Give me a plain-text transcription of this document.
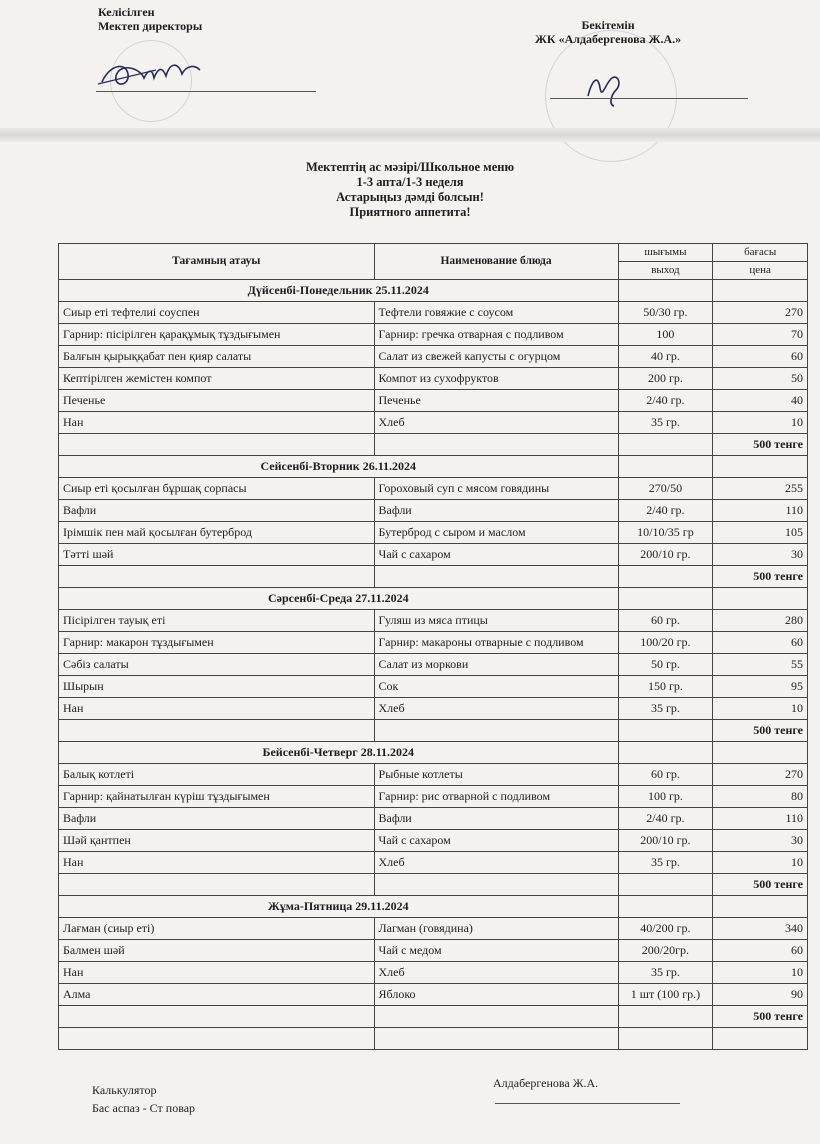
Келісілген
Мектеп директоры	Бекітемін
ЖК «Алдабергенова Ж.А.»
Мектептің ас мәзірі/Школьное меню
1-3 апта/1-3 неделя
Астарыңыз дәмді болсын!
Приятного аппетита!
Тағамның атауы	Наименование блюда	шығымы	бағасы
		выход	цена
Дүйсенбі-Понедельник 25.11.2024			
Сиыр еті тефтелиі соуспен	Тефтели говяжие с соусом	50/30 гр.	270
Гарнир: пісірілген қарақұмық тұздығымен	Гарнир: гречка отварная с подливом	100	70
Балғын қырыққабат пен қияр салаты	Салат из свежей капусты с огурцом	40 гр.	60
Кептірілген жемістен компот	Компот из сухофруктов	200 гр.	50
Печенье	Печенье	2/40 гр.	40
Нан	Хлеб	35 гр.	10
			500 тенге
Сейсенбі-Вторник 26.11.2024			
Сиыр еті қосылған бұршақ сорпасы	Гороховый суп с мясом говядины	270/50	255
Вафли	Вафли	2/40 гр.	110
Ірімшік пен май қосылған бутерброд	Бутерброд с сыром и маслом	10/10/35 гр	105
Тәтті шәй	Чай с сахаром	200/10 гр.	30
			500 тенге
Сәрсенбі-Среда 27.11.2024			
Пісірілген тауық еті	Гуляш из мяса птицы	60 гр.	280
Гарнир: макарон тұздығымен	Гарнир: макароны отварные с подливом	100/20 гр.	60
Сәбіз салаты	Салат из моркови	50 гр.	55
Шырын	Сок	150 гр.	95
Нан	Хлеб	35 гр.	10
			500 тенге
Бейсенбі-Четверг 28.11.2024			
Балық котлеті	Рыбные котлеты	60 гр.	270
Гарнир: қайнатылған күріш тұздығымен	Гарнир: рис отварной с подливом	100 гр.	80
Вафли	Вафли	2/40 гр.	110
Шәй қантпен	Чай с сахаром	200/10 гр.	30
Нан	Хлеб	35 гр.	10
			500 тенге
Жұма-Пятница 29.11.2024			
Лағман (сиыр еті)	Лагман (говядина)	40/200 гр.	340
Балмен шәй	Чай с медом	200/20гр.	60
Нан	Хлеб	35 гр.	10
Алма	Яблоко	1 шт (100 гр.)	90
			500 тенге

Калькулятор
Бас аспаз - Ст повар
Алдабергенова Ж.А.
